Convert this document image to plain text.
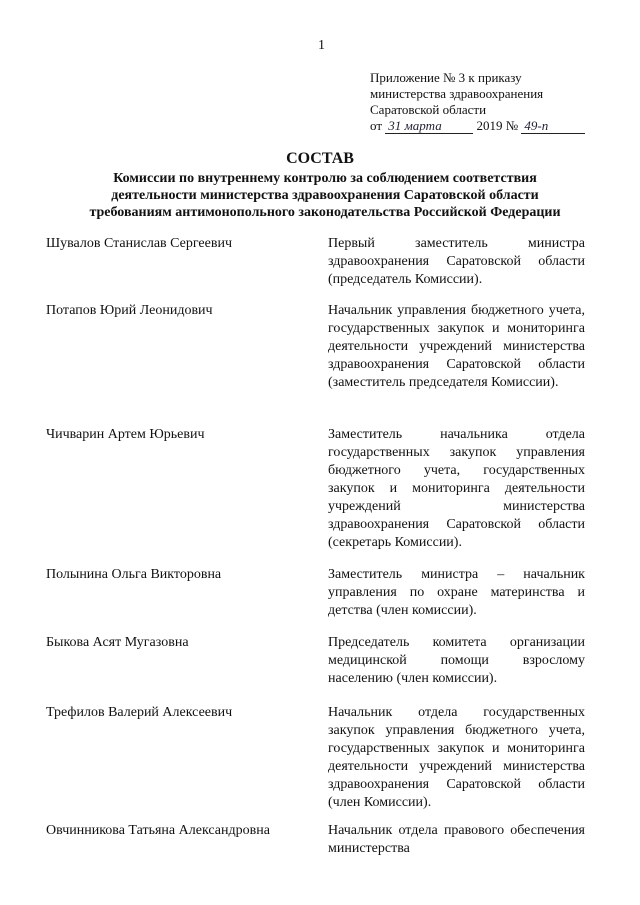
1
Приложение № 3 к приказу
министерства здравоохранения
Саратовской области
от 31 марта	2019 № 49-п
СОСТАВ
Комиссии по внутреннему контролю за соблюдением соответствия
деятельности министерства здравоохранения Саратовской области
требованиям антимонопольного законодательства Российской Федерации
Шувалов Станислав Сергеевич	Первый заместитель министра здравоохранения Саратовской области (председатель Комиссии).
Потапов Юрий Леонидович	Начальник управления бюджетного учета, государственных закупок и мониторинга деятельности учреждений министерства здравоохранения Саратовской области (заместитель председателя Комиссии).
Чичварин Артем Юрьевич	Заместитель начальника отдела государственных закупок управления бюджетного учета, государственных закупок и мониторинга деятельности учреждений министерства здравоохранения Саратовской области (секретарь Комиссии).
Полынина Ольга Викторовна	Заместитель министра – начальник управления по охране материнства и детства (член комиссии).
Быкова Асят Мугазовна	Председатель комитета организации медицинской помощи взрослому населению (член комиссии).
Трефилов Валерий Алексеевич	Начальник отдела государственных закупок управления бюджетного учета, государственных закупок и мониторинга деятельности учреждений министерства здравоохранения Саратовской области (член Комиссии).
Овчинникова Татьяна Александровна	Начальник отдела правового обеспечения министерства
